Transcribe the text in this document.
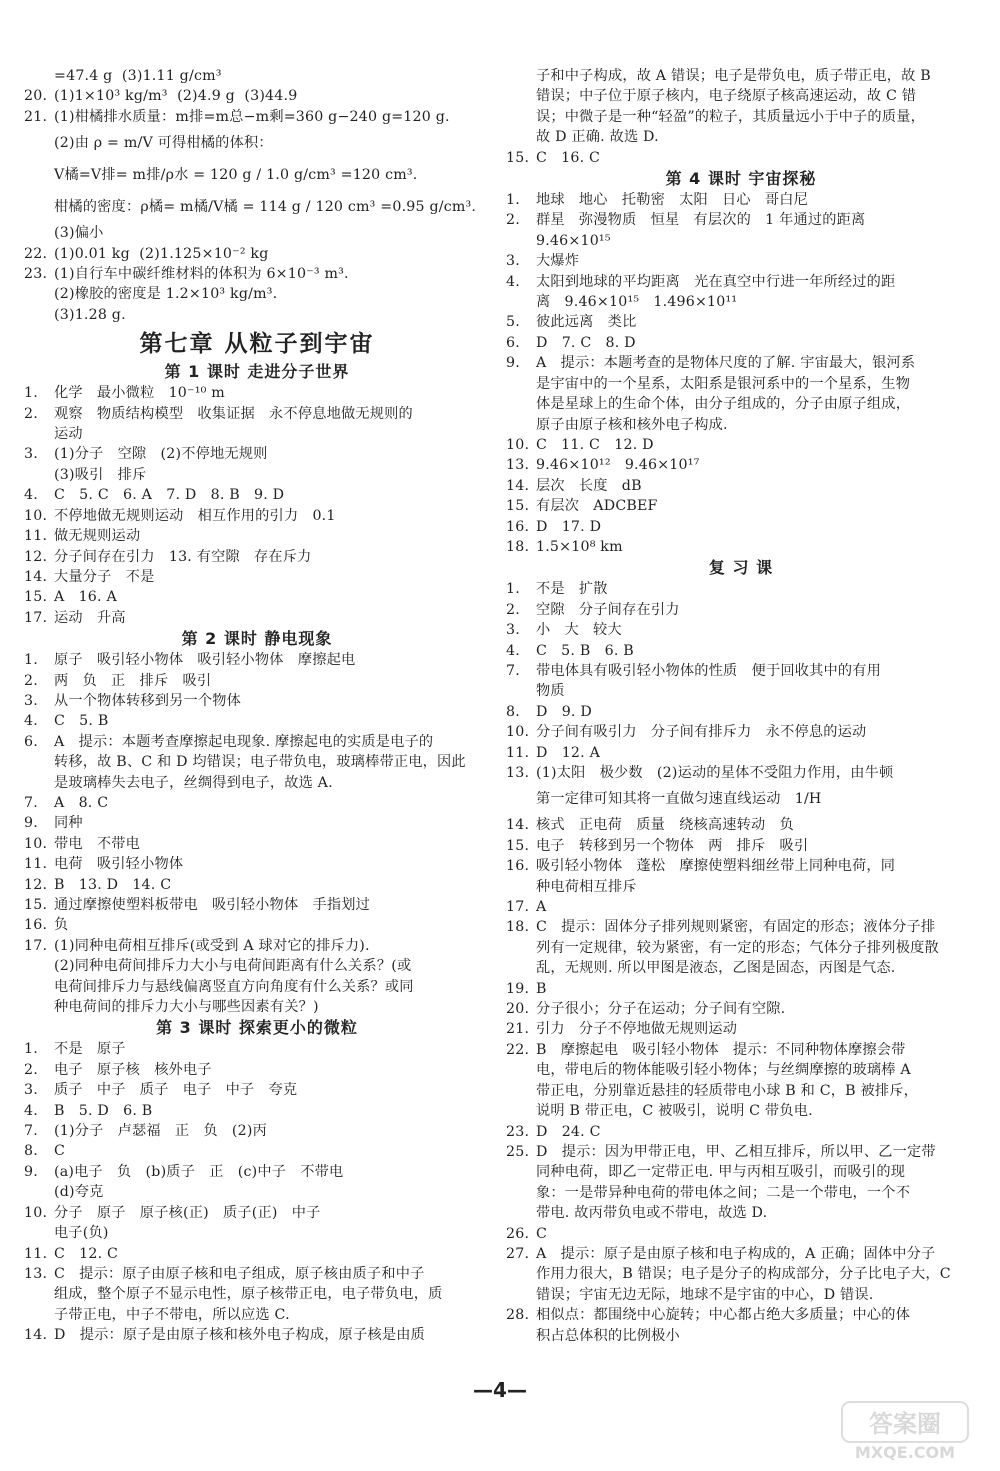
=47.4 g  (3)1.11 g/cm³
20. (1)1×10³ kg/m³  (2)4.9 g  (3)44.9
21. (1)柑橘排水质量：m排=m总−m剩=360 g−240 g=120 g.
(2)由 ρ = m/V 可得柑橘的体积：
V橘=V排= m排/ρ水 = 120 g / 1.0 g/cm³ =120 cm³.
柑橘的密度：ρ橘= m橘/V橘 = 114 g / 120 cm³ =0.95 g/cm³.
(3)偏小
22. (1)0.01 kg  (2)1.125×10⁻² kg
23. (1)自行车中碳纤维材料的体积为 6×10⁻³ m³.
(2)橡胶的密度是 1.2×10³ kg/m³.
(3)1.28 g.
第七章 从粒子到宇宙
第 1 课时 走进分子世界
1. 化学   最小微粒   10⁻¹⁰ m
2. 观察   物质结构模型   收集证据   永不停息地做无规则的
运动
3. (1)分子   空隙   (2)不停地无规则
(3)吸引   排斥
4. C   5. C   6. A   7. D   8. B   9. D
10. 不停地做无规则运动   相互作用的引力   0.1
11. 做无规则运动
12. 分子间存在引力   13. 有空隙   存在斥力
14. 大量分子   不是
15. A   16. A
17. 运动   升高
第 2 课时 静电现象
1. 原子   吸引轻小物体   吸引轻小物体   摩擦起电
2. 两   负   正   排斥   吸引
3. 从一个物体转移到另一个物体
4. C   5. B
6. A   提示：本题考查摩擦起电现象. 摩擦起电的实质是电子的
转移，故 B、C 和 D 均错误；电子带负电，玻璃棒带正电，因此
是玻璃棒失去电子，丝绸得到电子，故选 A.
7. A   8. C
9. 同种
10. 带电   不带电
11. 电荷   吸引轻小物体
12. B   13. D   14. C
15. 通过摩擦使塑料板带电   吸引轻小物体   手指划过
16. 负
17. (1)同种电荷相互排斥(或受到 A 球对它的排斥力).
(2)同种电荷间排斥力大小与电荷间距离有什么关系？(或
电荷间排斥力与悬线偏离竖直方向角度有什么关系？或同
种电荷间的排斥力大小与哪些因素有关？)
第 3 课时 探索更小的微粒
1. 不是   原子
2. 电子   原子核   核外电子
3. 质子   中子   质子   电子   中子   夸克
4. B   5. D   6. B
7. (1)分子   卢瑟福   正   负   (2)丙
8. C
9. (a)电子   负   (b)质子   正   (c)中子   不带电
(d)夸克
10. 分子   原子   原子核(正)   质子(正)   中子
电子(负)
11. C   12. C
13. C   提示：原子由原子核和电子组成，原子核由质子和中子
组成，整个原子不显示电性，原子核带正电，电子带负电，质
子带正电，中子不带电，所以应选 C.
14. D   提示：原子是由原子核和核外电子构成，原子核是由质
子和中子构成，故 A 错误；电子是带负电，质子带正电，故 B
错误；中子位于原子核内，电子绕原子核高速运动，故 C 错
误；中微子是一种“轻盈”的粒子，其质量远小于中子的质量，
故 D 正确. 故选 D.
15. C   16. C
第 4 课时 宇宙探秘
1. 地球   地心   托勒密   太阳   日心   哥白尼
2. 群星   弥漫物质   恒星   有层次的   1 年通过的距离
9.46×10¹⁵
3. 大爆炸
4. 太阳到地球的平均距离   光在真空中行进一年所经过的距
离   9.46×10¹⁵   1.496×10¹¹
5. 彼此远离   类比
6. D   7. C   8. D
9. A   提示：本题考查的是物体尺度的了解. 宇宙最大，银河系
是宇宙中的一个星系，太阳系是银河系中的一个星系，生物
体是星球上的生命个体，由分子组成的，分子由原子组成，
原子由原子核和核外电子构成.
10. C   11. C   12. D
13. 9.46×10¹²   9.46×10¹⁷
14. 层次   长度   dB
15. 有层次   ADCBEF
16. D   17. D
18. 1.5×10⁸ km
复 习 课
1. 不是   扩散
2. 空隙   分子间存在引力
3. 小   大   较大
4. C   5. B   6. B
7. 带电体具有吸引轻小物体的性质   便于回收其中的有用
物质
8. D   9. D
10. 分子间有吸引力   分子间有排斥力   永不停息的运动
11. D   12. A
13. (1)太阳   极少数   (2)运动的星体不受阻力作用，由牛顿
第一定律可知其将一直做匀速直线运动   1/H
14. 核式   正电荷   质量   绕核高速转动   负
15. 电子   转移到另一个物体   两   排斥   吸引
16. 吸引轻小物体   蓬松   摩擦使塑料细丝带上同种电荷，同
种电荷相互排斥
17. A
18. C   提示：固体分子排列规则紧密，有固定的形态；液体分子排
列有一定规律，较为紧密，有一定的形态；气体分子排列极度散
乱，无规则. 所以甲图是液态，乙图是固态，丙图是气态.
19. B
20. 分子很小；分子在运动；分子间有空隙.
21. 引力   分子不停地做无规则运动
22. B   摩擦起电   吸引轻小物体   提示：不同种物体摩擦会带
电，带电后的物体能吸引轻小物体；与丝绸摩擦的玻璃棒 A
带正电，分别靠近悬挂的轻质带电小球 B 和 C，B 被排斥，
说明 B 带正电，C 被吸引，说明 C 带负电.
23. D   24. C
25. D   提示：因为甲带正电，甲、乙相互排斥，所以甲、乙一定带
同种电荷，即乙一定带正电. 甲与丙相互吸引，而吸引的现
象：一是带异种电荷的带电体之间；二是一个带电，一个不
带电. 故丙带负电或不带电，故选 D.
26. C
27. A   提示：原子是由原子核和电子构成的，A 正确；固体中分子
作用力很大，B 错误；电子是分子的构成部分，分子比电子大，C
错误；宇宙无边无际，地球不是宇宙的中心，D 错误.
28. 相似点：都围绕中心旋转；中心都占绝大多质量；中心的体
积占总体积的比例极小
—4—
答案圈
MXQE.COM
